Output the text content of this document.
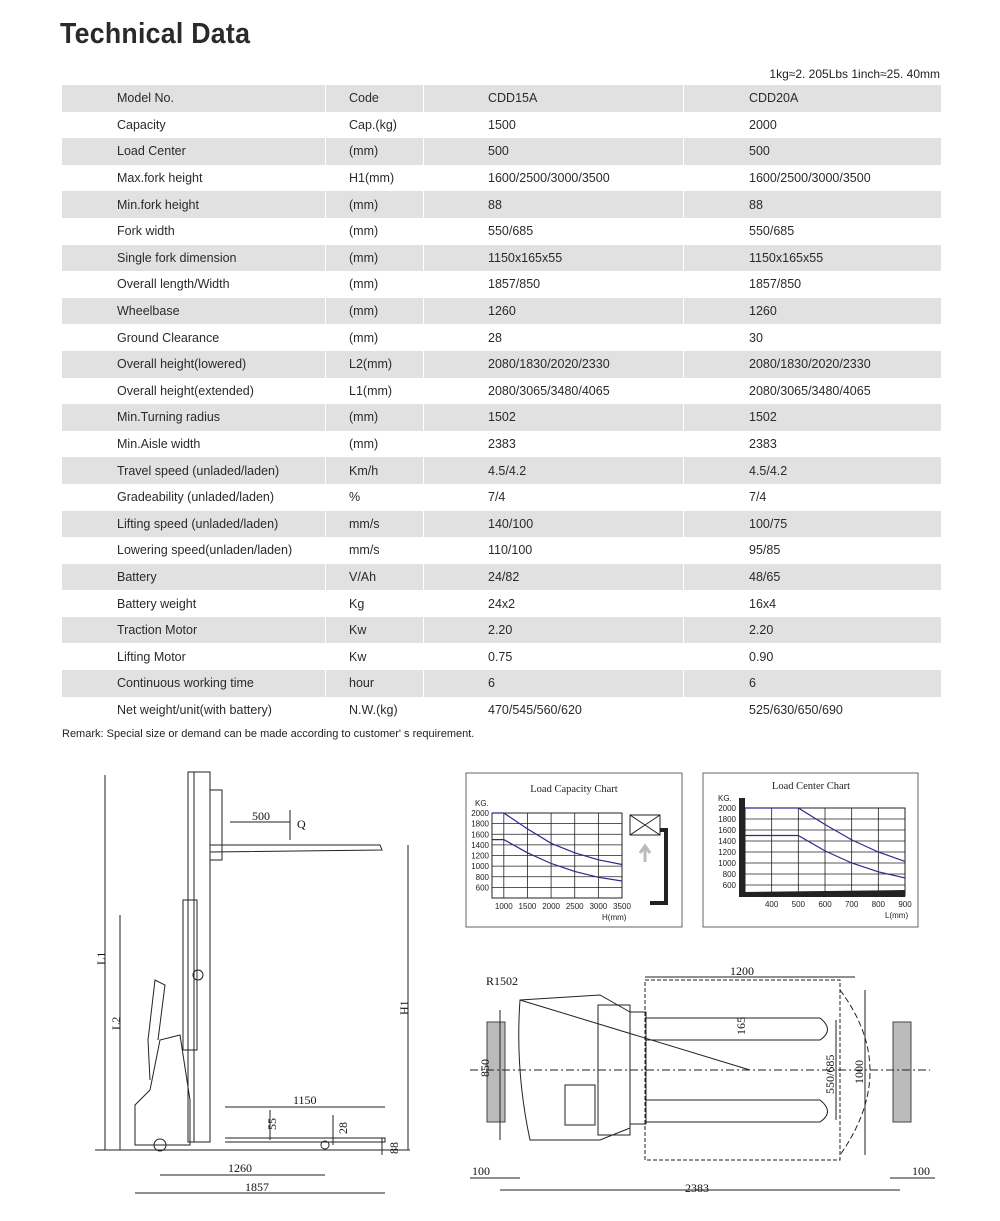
Technical Data
1kg≈2. 205Lbs 1inch≈25. 40mm
Model No.	Code	CDD15A	CDD20A
Capacity	Cap.(kg)	1500	2000
Load Center	(mm)	500	500
Max.fork height	H1(mm)	1600/2500/3000/3500	1600/2500/3000/3500
Min.fork height	(mm)	88	88
Fork width	(mm)	550/685	550/685
Single fork dimension	(mm)	1150x165x55	1150x165x55
Overall length/Width	(mm)	1857/850	1857/850
Wheelbase	(mm)	1260	1260
Ground Clearance	(mm)	28	30
Overall height(lowered)	L2(mm)	2080/1830/2020/2330	2080/1830/2020/2330
Overall height(extended)	L1(mm)	2080/3065/3480/4065	2080/3065/3480/4065
Min.Turning radius	(mm)	1502	1502
Min.Aisle width	(mm)	2383	2383
Travel speed (unladed/laden)	Km/h	4.5/4.2	4.5/4.2
Gradeability (unladed/laden)	%	7/4	7/4
Lifting speed (unladed/laden)	mm/s	140/100	100/75
Lowering speed(unladen/laden)	mm/s	110/100	95/85
Battery	V/Ah	24/82	48/65
Battery weight	Kg	24x2	16x4
Traction Motor	Kw	2.20	2.20
Lifting Motor	Kw	0.75	0.90
Continuous working time	hour	6	6
Net weight/unit(with battery)	N.W.(kg)	470/545/560/620	525/630/650/690
Remark: Special size or demand can be made according to customer' s requirement.
L1
L2
500
Q
H1
1150
55	28
88
1260
1857
R1502
1200
165
850	550/685 1000
100
2383
100
Load Capacity Chart
KG.
H(mm)
2000
1800
1600
1400
1200
1000
800
600
1000 1500 2000 2500 3000 3500
Load Center Chart
KG.
L(mm)
2000
1800
1600
1400
1200
1000
800
600
400 500 600 700 800 900
